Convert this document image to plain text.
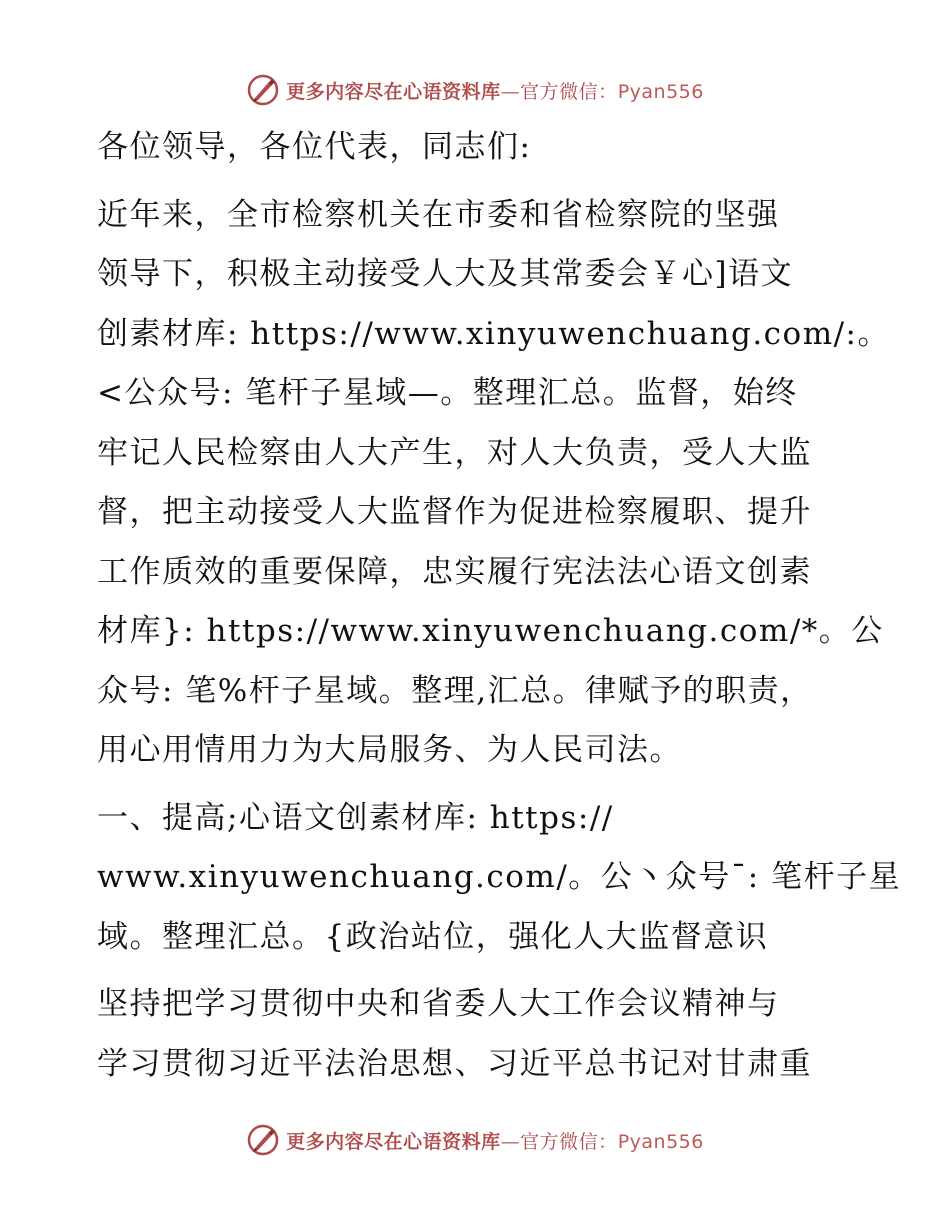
更多内容尽在心语资料库—官方微信：Pyan556

各位领导，各位代表，同志们:

近年来，全市检察机关在市委和省检察院的坚强
领导下，积极主动接受人大及其常委会￥心]语文
创素材库: https://www.xinyuwenchuang.com/:。
<公众号: 笔杆子星域—。整理汇总。监督，始终
牢记人民检察由人大产生，对人大负责，受人大监
督，把主动接受人大监督作为促进检察履职、提升
工作质效的重要保障，忠实履行宪法法心语文创素
材库}: https://www.xinyuwenchuang.com/*。公
众号: 笔%杆子星域。整理,汇总。律赋予的职责，
用心用情用力为大局服务、为人民司法。

一、提高;心语文创素材库: https://
www.xinyuwenchuang.com/。公丶众号¯: 笔杆子星
域。整理汇总。{政治站位，强化人大监督意识

坚持把学习贯彻中央和省委人大工作会议精神与
学习贯彻习近平法治思想、习近平总书记对甘肃重

更多内容尽在心语资料库—官方微信：Pyan556
